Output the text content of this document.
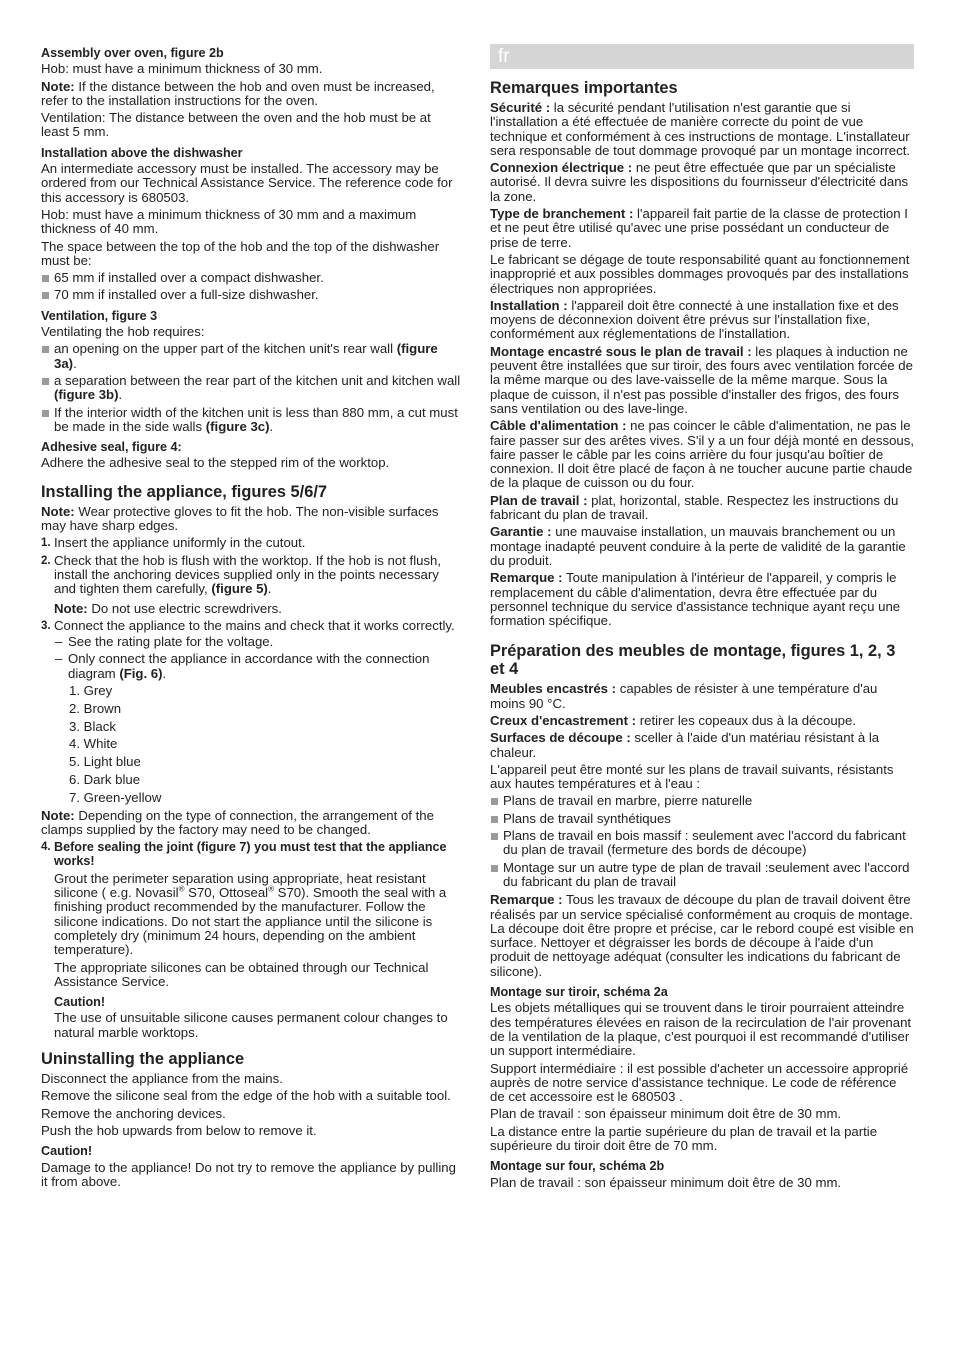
Assembly over oven, figure 2b

Hob: must have a minimum thickness of 30 mm.

Note: If the distance between the hob and oven must be increased, refer to the installation instructions for the oven.

Ventilation: The distance between the oven and the hob must be at least 5 mm.

Installation above the dishwasher

An intermediate accessory must be installed. The accessory may be ordered from our Technical Assistance Service. The reference code for this accessory is 680503.

Hob: must have a minimum thickness of 30 mm and a maximum thickness of 40 mm.

The space between the top of the hob and the top of the dishwasher must be:

65 mm if installed over a compact dishwasher.
70 mm if installed over a full-size dishwasher.
Ventilation, figure 3

Ventilating the hob requires:

an opening on the upper part of the kitchen unit's rear wall (figure 3a).
a separation between the rear part of the kitchen unit and kitchen wall (figure 3b).
If the interior width of the kitchen unit is less than 880 mm, a cut must be made in the side walls (figure 3c).
Adhesive seal, figure 4:

Adhere the adhesive seal to the stepped rim of the worktop.

Installing the appliance, figures 5/6/7

Note: Wear protective gloves to fit the hob. The non-visible surfaces may have sharp edges.

1. Insert the appliance uniformly in the cutout.
2. Check that the hob is flush with the worktop. If the hob is not flush, install the anchoring devices supplied only in the points necessary and tighten them carefully, (figure 5).

Note: Do not use electric screwdrivers.

3. Connect the appliance to the mains and check that it works correctly.
– See the rating plate for the voltage.
– Only connect the appliance in accordance with the connection diagram (Fig. 6).
1. Grey
2. Brown
3. Black
4. White
5. Light blue
6. Dark blue
7. Green-yellow

Note: Depending on the type of connection, the arrangement of the clamps supplied by the factory may need to be changed.

4. Before sealing the joint (figure 7) you must test that the appliance works!

Grout the perimeter separation using appropriate, heat resistant silicone ( e.g. Novasil® S70, Ottoseal® S70). Smooth the seal with a finishing product recommended by the manufacturer. Follow the silicone indications. Do not start the appliance until the silicone is completely dry (minimum 24 hours, depending on the ambient temperature).

The appropriate silicones can be obtained through our Technical Assistance Service.

Caution!

The use of unsuitable silicone causes permanent colour changes to natural marble worktops.

Uninstalling the appliance

Disconnect the appliance from the mains.

Remove the silicone seal from the edge of the hob with a suitable tool.

Remove the anchoring devices.

Push the hob upwards from below to remove it.

Caution!

Damage to the appliance! Do not try to remove the appliance by pulling it from above.

fr
Remarques importantes

Sécurité : la sécurité pendant l'utilisation n'est garantie que si l'installation a été effectuée de manière correcte du point de vue technique et conformément à ces instructions de montage. L'installateur sera responsable de tout dommage provoqué par un montage incorrect.

Connexion électrique : ne peut être effectuée que par un spécialiste autorisé. Il devra suivre les dispositions du fournisseur d'électricité dans la zone.

Type de branchement : l'appareil fait partie de la classe de protection I et ne peut être utilisé qu'avec une prise possédant un conducteur de prise de terre.

Le fabricant se dégage de toute responsabilité quant au fonctionnement inapproprié et aux possibles dommages provoqués par des installations électriques non appropriées.

Installation : l'appareil doit être connecté à une installation fixe et des moyens de déconnexion doivent être prévus sur l'installation fixe, conformément aux réglementations de l'installation.

Montage encastré sous le plan de travail : les plaques à induction ne peuvent être installées que sur tiroir, des fours avec ventilation forcée de la même marque ou des lave-vaisselle de la même marque. Sous la plaque de cuisson, il n'est pas possible d'installer des frigos, des fours sans ventilation ou des lave-linge.

Câble d'alimentation : ne pas coincer le câble d'alimentation, ne pas le faire passer sur des arêtes vives. S'il y a un four déjà monté en dessous, faire passer le câble par les coins arrière du four jusqu'au boîtier de connexion. Il doit être placé de façon à ne toucher aucune partie chaude de la plaque de cuisson ou du four.

Plan de travail : plat, horizontal, stable. Respectez les instructions du fabricant du plan de travail.

Garantie : une mauvaise installation, un mauvais branchement ou un montage inadapté peuvent conduire à la perte de validité de la garantie du produit.

Remarque : Toute manipulation à l'intérieur de l'appareil, y compris le remplacement du câble d'alimentation, devra être effectuée par du personnel technique du service d'assistance technique ayant reçu une formation spécifique.

Préparation des meubles de montage, figures 1, 2, 3 et 4

Meubles encastrés : capables de résister à une température d'au moins 90 °C.

Creux d'encastrement : retirer les copeaux dus à la découpe.

Surfaces de découpe : sceller à l'aide d'un matériau résistant à la chaleur.

L'appareil peut être monté sur les plans de travail suivants, résistants aux hautes températures et à l'eau :

Plans de travail en marbre, pierre naturelle
Plans de travail synthétiques
Plans de travail en bois massif : seulement avec l'accord du fabricant du plan de travail (fermeture des bords de découpe)
Montage sur un autre type de plan de travail :seulement avec l'accord du fabricant du plan de travail

Remarque : Tous les travaux de découpe du plan de travail doivent être réalisés par un service spécialisé conformément au croquis de montage. La découpe doit être propre et précise, car le rebord coupé est visible en surface. Nettoyer et dégraisser les bords de découpe à l'aide d'un produit de nettoyage adéquat (consulter les indications du fabricant de silicone).

Montage sur tiroir, schéma 2a

Les objets métalliques qui se trouvent dans le tiroir pourraient atteindre des températures élevées en raison de la recirculation de l'air provenant de la ventilation de la plaque, c'est pourquoi il est recommandé d'utiliser un support intermédiaire.

Support intermédiaire : il est possible d'acheter un accessoire approprié auprès de notre service d'assistance technique. Le code de référence de cet accessoire est le 680503 .

Plan de travail : son épaisseur minimum doit être de 30 mm.

La distance entre la partie supérieure du plan de travail et la partie supérieure du tiroir doit être de 70 mm.

Montage sur four, schéma 2b

Plan de travail : son épaisseur minimum doit être de 30 mm.
